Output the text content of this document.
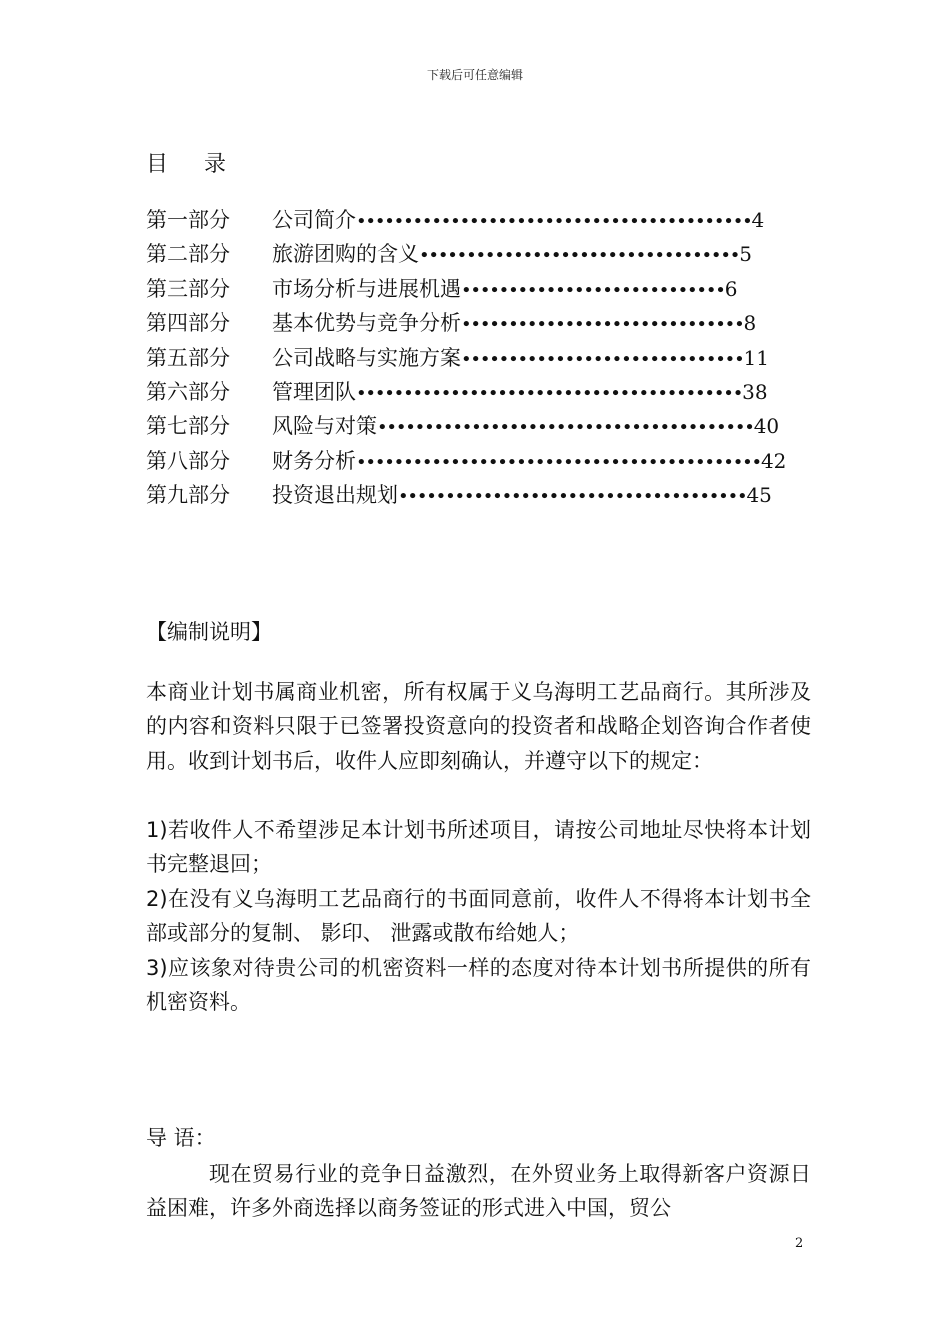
下载后可任意编辑
目 录
第一部分公司简介••••••••••••••••••••••••••••••••••••••••••4
第二部分 旅游团购的含义••••••••••••••••••••••••••••••••••5
第三部分 市场分析与进展机遇••••••••••••••••••••••••••••6
第四部分 基本优势与竞争分析••••••••••••••••••••••••••••••8
第五部分 公司战略与实施方案••••••••••••••••••••••••••••••11
第六部分 管理团队•••••••••••••••••••••••••••••••••••••••••38
第七部分风险与对策••••••••••••••••••••••••••••••••••••••••40
第八部分财务分析•••••••••••••••••••••••••••••••••••••••••••42
第九部分 投资退出规划•••••••••••••••••••••••••••••••••••••45
【编制说明】
本商业计划书属商业机密，所有权属于义乌海明工艺品商行。其所涉及的内容和资料只限于已签署投资意向的投资者和战略企划咨询合作者使用。收到计划书后，收件人应即刻确认，并遵守以下的规定：
1)若收件人不希望涉足本计划书所述项目，请按公司地址尽快将本计划书完整退回；
2)在没有义乌海明工艺品商行的书面同意前，收件人不得将本计划书全部或部分的复制、 影印、 泄露或散布给她人；
3)应该象对待贵公司的机密资料一样的态度对待本计划书所提供的所有机密资料。
导 语：
现在贸易行业的竞争日益激烈，在外贸业务上取得新客户资源日益困难，许多外商选择以商务签证的形式进入中国，贸公
2
